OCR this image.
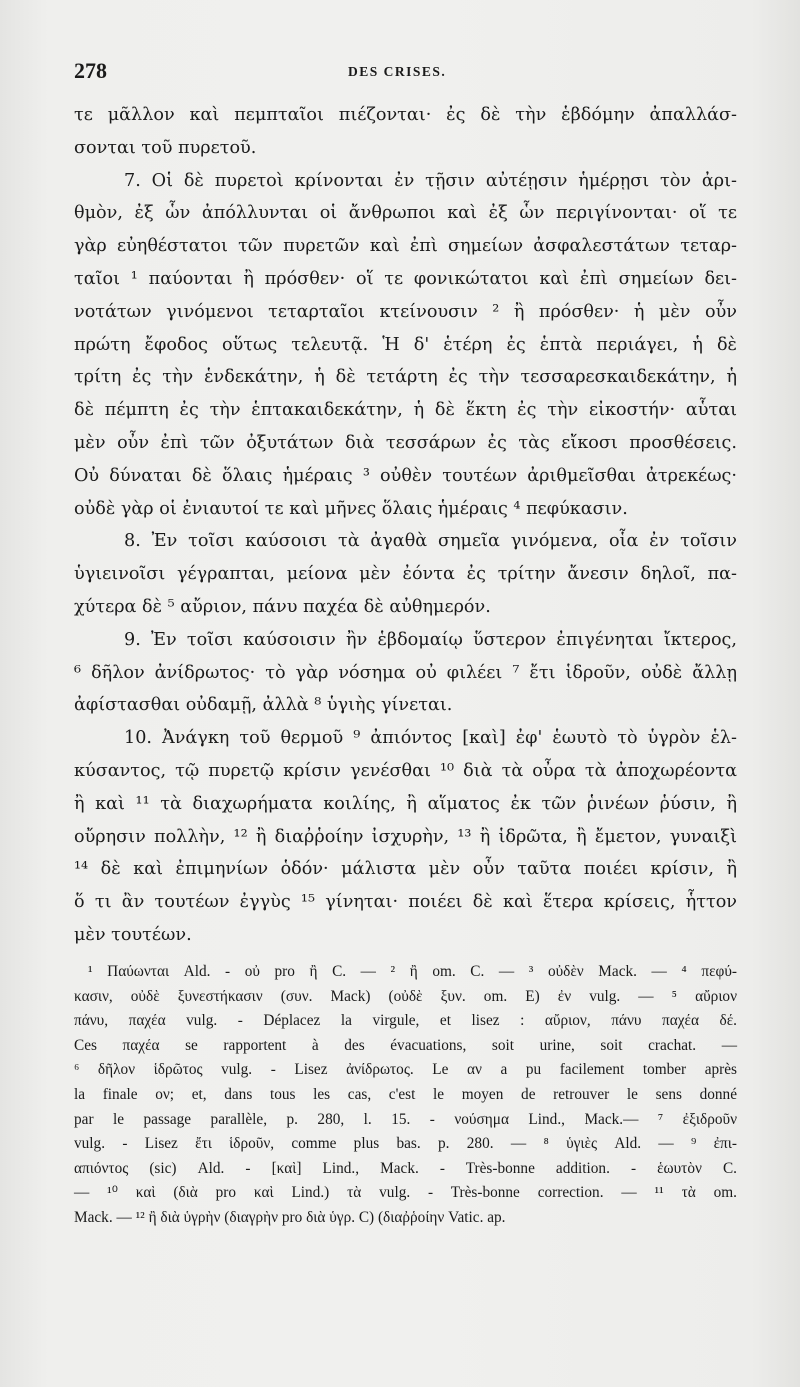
278	DES CRISES.
τε μᾶλλον καὶ πεμπταῖοι πιέζονται· ἐς δὲ τὴν ἑβδόμην ἀπαλλάσ-
σονται τοῦ πυρετοῦ.
7. Οἱ δὲ πυρετοὶ κρίνονται ἐν τῇσιν αὐτέῃσιν ἡμέρῃσι τὸν ἀρι-
θμὸν, ἐξ ὧν ἀπόλλυνται οἱ ἄνθρωποι καὶ ἐξ ὧν περιγίνονται· οἵ τε
γὰρ εὐηθέστατοι τῶν πυρετῶν καὶ ἐπὶ σημείων ἀσφαλεστάτων τεταρ-
ταῖοι ¹ παύονται ἢ πρόσθεν· οἵ τε φονικώτατοι καὶ ἐπὶ σημείων δει-
νοτάτων γινόμενοι τεταρταῖοι κτείνουσιν ² ἢ πρόσθεν· ἡ μὲν οὖν
πρώτη ἔφοδος οὕτως τελευτᾷ. Ἡ δ' ἑτέρη ἐς ἑπτὰ περιάγει, ἡ δὲ
τρίτη ἐς τὴν ἑνδεκάτην, ἡ δὲ τετάρτη ἐς τὴν τεσσαρεσκαιδεκάτην, ἡ
δὲ πέμπτη ἐς τὴν ἑπτακαιδεκάτην, ἡ δὲ ἕκτη ἐς τὴν εἰκοστήν· αὗται
μὲν οὖν ἐπὶ τῶν ὀξυτάτων διὰ τεσσάρων ἐς τὰς εἴκοσι προσθέσεις.
Οὐ δύναται δὲ ὅλαις ἡμέραις ³ οὐθὲν τουτέων ἀριθμεῖσθαι ἀτρεκέως·
οὐδὲ γὰρ οἱ ἐνιαυτοί τε καὶ μῆνες ὅλαις ἡμέραις ⁴ πεφύκασιν.
8. Ἐν τοῖσι καύσοισι τὰ ἀγαθὰ σημεῖα γινόμενα, οἷα ἐν τοῖσιν
ὑγιεινοῖσι γέγραπται, μείονα μὲν ἐόντα ἐς τρίτην ἄνεσιν δηλοῖ, πα-
χύτερα δὲ ⁵ αὔριον, πάνυ παχέα δὲ αὐθημερόν.
9. Ἐν τοῖσι καύσοισιν ἢν ἑβδομαίῳ ὕστερον ἐπιγένηται ἴκτερος,
⁶ δῆλον ἀνίδρωτος· τὸ γὰρ νόσημα οὐ φιλέει ⁷ ἔτι ἱδροῦν, οὐδὲ ἄλλῃ
ἀφίστασθαι οὐδαμῇ, ἀλλὰ ⁸ ὑγιὴς γίνεται.
10. Ἀνάγκη τοῦ θερμοῦ ⁹ ἀπιόντος [καὶ] ἐφ' ἑωυτὸ τὸ ὑγρὸν ἑλ-
κύσαντος, τῷ πυρετῷ κρίσιν γενέσθαι ¹⁰ διὰ τὰ οὖρα τὰ ἀποχωρέοντα
ἢ καὶ ¹¹ τὰ διαχωρήματα κοιλίης, ἢ αἵματος ἐκ τῶν ῥινέων ῥύσιν, ἢ
οὔρησιν πολλὴν, ¹² ἢ διαῤῥοίην ἰσχυρὴν, ¹³ ἢ ἱδρῶτα, ἢ ἔμετον, γυναιξὶ
¹⁴ δὲ καὶ ἐπιμηνίων ὁδόν· μάλιστα μὲν οὖν ταῦτα ποιέει κρίσιν, ἢ
ὅ τι ἂν τουτέων ἐγγὺς ¹⁵ γίνηται· ποιέει δὲ καὶ ἕτερα κρίσεις, ἧττον
μὲν τουτέων.
¹ Παύωνται Ald. - οὐ pro ἢ C. — ² ἢ om. C. — ³ οὐδὲν Mack. — ⁴ πεφύ-
κασιν, οὐδὲ ξυνεστήκασιν (συν. Mack) (οὐδὲ ξυν. om. E) ἐν vulg. — ⁵ αὔριον
πάνυ, παχέα vulg. - Déplacez la virgule, et lisez : αὔριον, πάνυ παχέα δέ.
Ces παχέα se rapportent à des évacuations, soit urine, soit crachat. —
⁶ δῆλον ἱδρῶτος vulg. - Lisez ἀνίδρωτος. Le αν a pu facilement tomber après
la finale ον; et, dans tous les cas, c'est le moyen de retrouver le sens donné
par le passage parallèle, p. 280, l. 15. - νούσημα Lind., Mack.— ⁷ ἐξιδροῦν
vulg. - Lisez ἔτι ἱδροῦν, comme plus bas. p. 280. — ⁸ ὑγιὲς Ald. — ⁹ ἐπι-
απιόντος (sic) Ald. - [καὶ] Lind., Mack. - Très-bonne addition. - ἑωυτὸν C.
— ¹⁰ καὶ (διὰ pro καὶ Lind.) τὰ vulg. - Très-bonne correction. — ¹¹ τὰ om.
Mack. — ¹² ἢ διὰ ὑγρὴν (διαγρὴν pro διὰ ὑγρ. C) (διαῤῥοίην Vatic. ap.
